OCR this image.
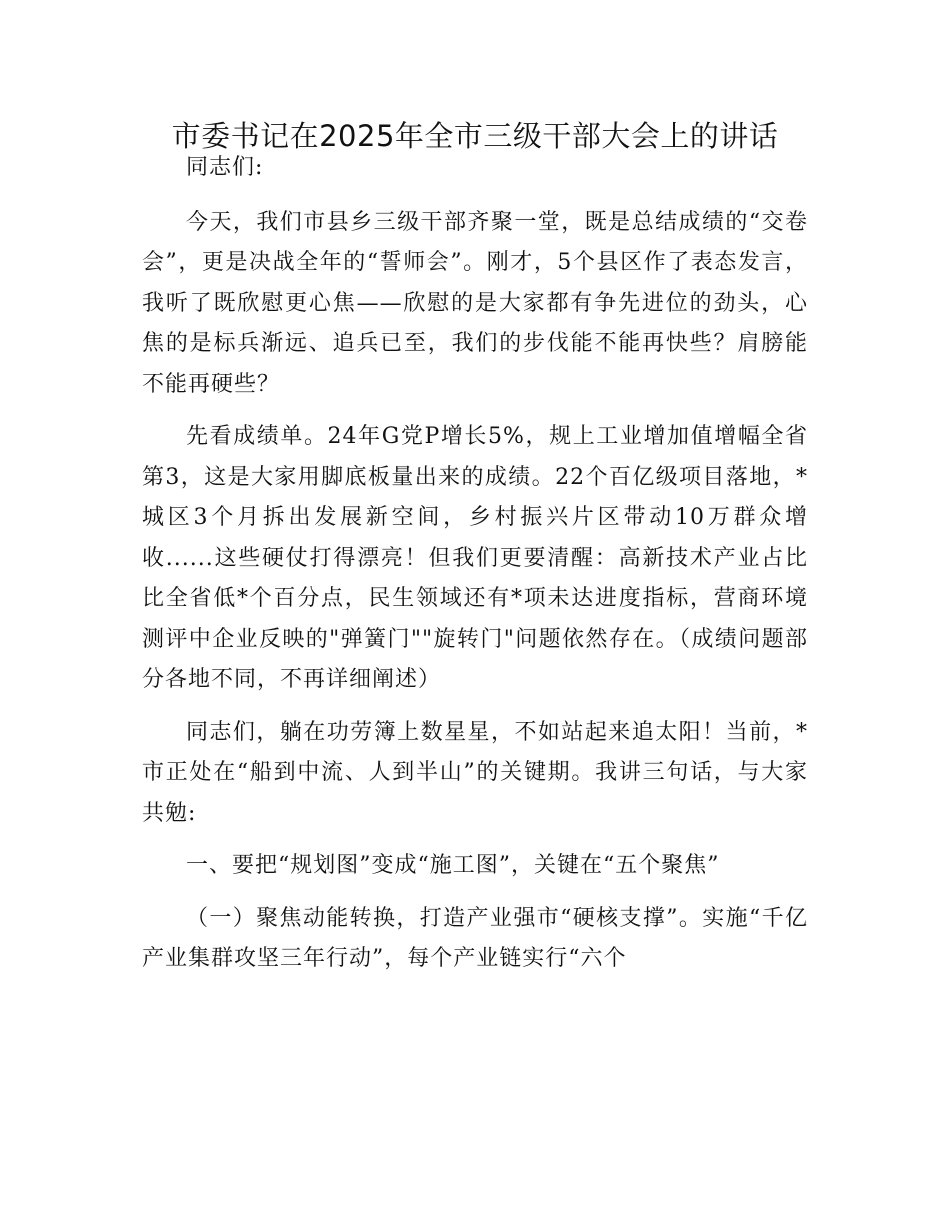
市委书记在2025年全市三级干部大会上的讲话

同志们:

今天，我们市县乡三级干部齐聚一堂，既是总结成绩的“交卷会”，更是决战全年的“誓师会”。刚才，5个县区作了表态发言，我听了既欣慰更心焦——欣慰的是大家都有争先进位的劲头，心焦的是标兵渐远、追兵已至，我们的步伐能不能再快些？肩膀能不能再硬些？

先看成绩单。24年G党P增长5%，规上工业增加值增幅全省第3，这是大家用脚底板量出来的成绩。22个百亿级项目落地，*城区3个月拆出发展新空间，乡村振兴片区带动10万群众增收......这些硬仗打得漂亮！但我们更要清醒：高新技术产业占比比全省低*个百分点，民生领域还有*项未达进度指标，营商环境测评中企业反映的"弹簧门""旋转门"问题依然存在。（成绩问题部分各地不同，不再详细阐述）

同志们，躺在功劳簿上数星星，不如站起来追太阳！当前，*市正处在“船到中流、人到半山”的关键期。我讲三句话，与大家共勉:

一、要把“规划图”变成“施工图”，关键在“五个聚焦”

（一）聚焦动能转换，打造产业强市“硬核支撑”。实施“千亿产业集群攻坚三年行动”，每个产业链实行“六个
